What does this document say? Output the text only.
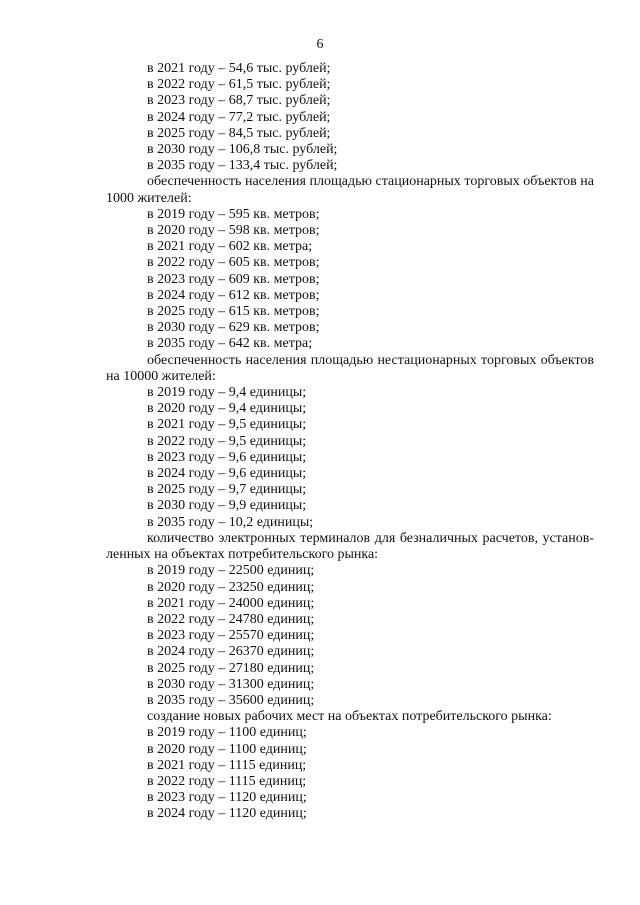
6
в 2021 году – 54,6 тыс. рублей;
в 2022 году – 61,5 тыс. рублей;
в 2023 году – 68,7 тыс. рублей;
в 2024 году – 77,2 тыс. рублей;
в 2025 году – 84,5 тыс. рублей;
в 2030 году – 106,8 тыс. рублей;
в 2035 году – 133,4 тыс. рублей;
обеспеченность населения площадью стационарных торговых объектов на 1000 жителей:
в 2019 году – 595 кв. метров;
в 2020 году – 598 кв. метров;
в 2021 году – 602 кв. метра;
в 2022 году – 605 кв. метров;
в 2023 году – 609 кв. метров;
в 2024 году – 612 кв. метров;
в 2025 году – 615 кв. метров;
в 2030 году – 629 кв. метров;
в 2035 году – 642 кв. метра;
обеспеченность населения площадью нестационарных торговых объектов на 10000 жителей:
в 2019 году – 9,4 единицы;
в 2020 году – 9,4 единицы;
в 2021 году – 9,5 единицы;
в 2022 году – 9,5 единицы;
в 2023 году – 9,6 единицы;
в 2024 году – 9,6 единицы;
в 2025 году – 9,7 единицы;
в 2030 году – 9,9 единицы;
в 2035 году – 10,2 единицы;
количество электронных терминалов для безналичных расчетов, установ-ленных на объектах потребительского рынка:
в 2019 году – 22500 единиц;
в 2020 году – 23250 единиц;
в 2021 году – 24000 единиц;
в 2022 году – 24780 единиц;
в 2023 году – 25570 единиц;
в 2024 году – 26370 единиц;
в 2025 году – 27180 единиц;
в 2030 году – 31300 единиц;
в 2035 году – 35600 единиц;
создание новых рабочих мест на объектах потребительского рынка:
в 2019 году – 1100 единиц;
в 2020 году – 1100 единиц;
в 2021 году – 1115 единиц;
в 2022 году – 1115 единиц;
в 2023 году – 1120 единиц;
в 2024 году – 1120 единиц;
